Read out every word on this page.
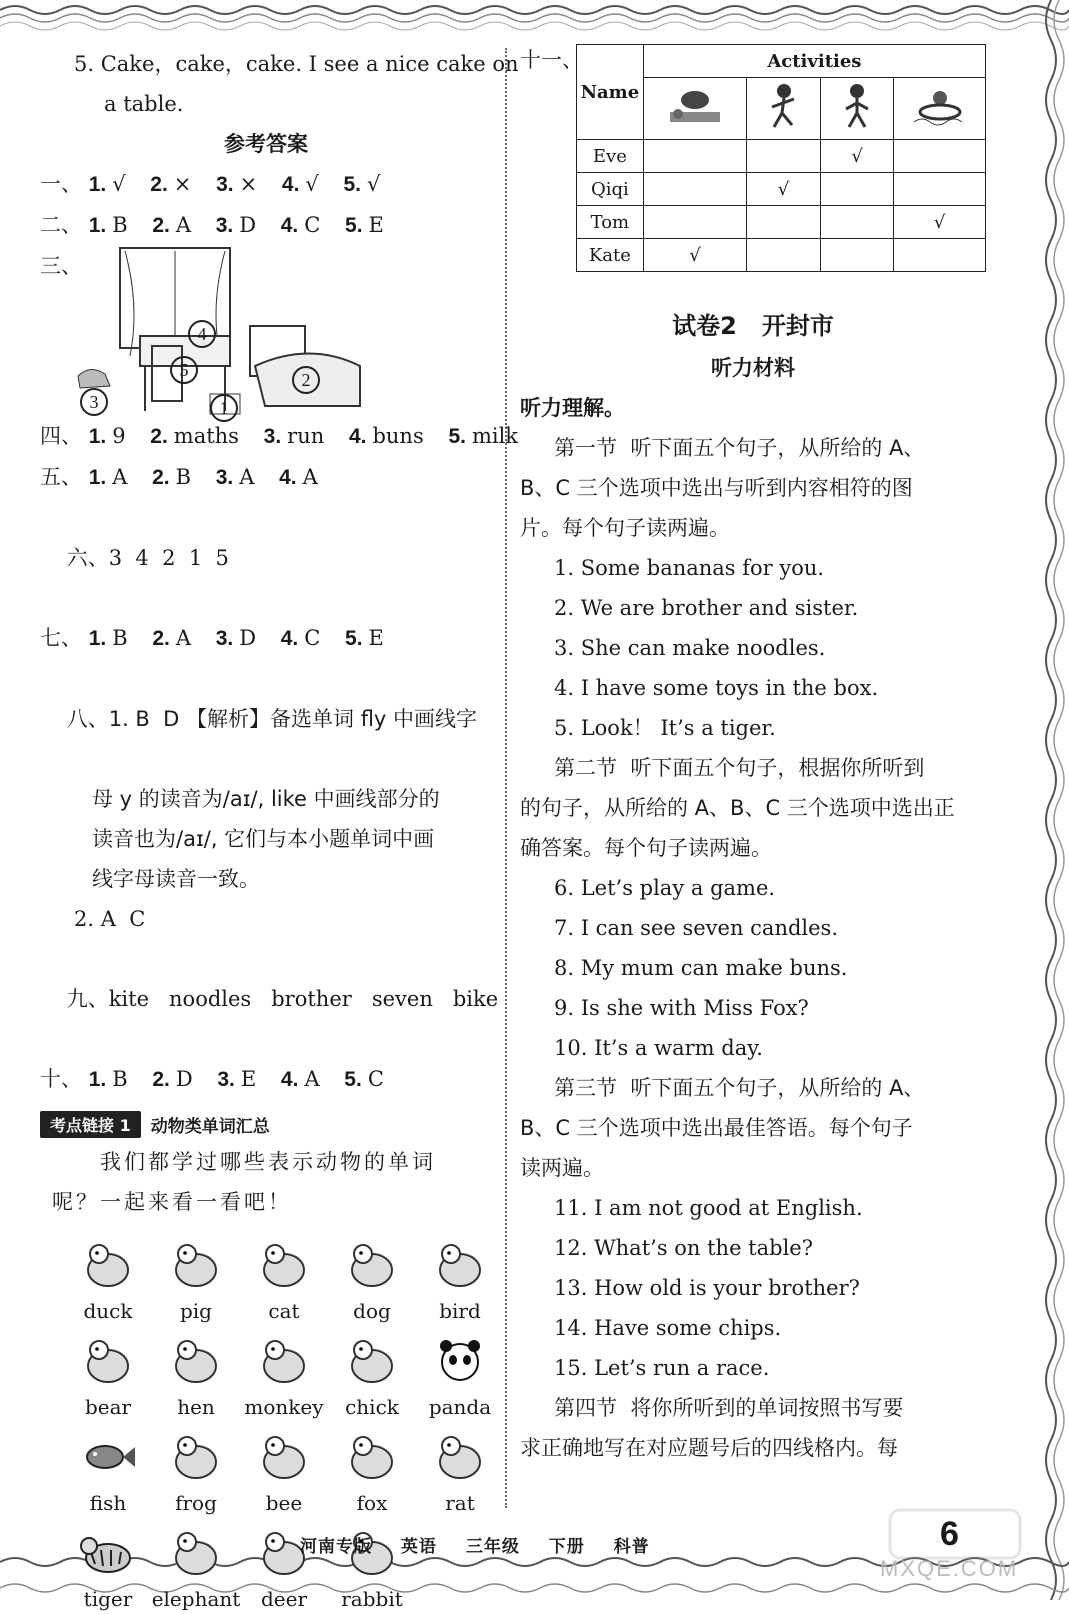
5. Cake，cake，cake. I see a nice cake on
a table.
参考答案
一、 1. √ 2. × 3. × 4. √ 5. √
二、 1. B 2. A 3. D 4. C 5. E
三、
4
5	2
1
3
四、 1. 9 2. maths 3. run 4. buns 5. milk
五、 1. A 2. B 3. A 4. A

六、3  4  2  1  5

七、 1. B 2. A 3. D 4. C 5. E

八、1. B  D 【解析】备选单词 fly 中画线字

母 y 的读音为/aɪ/, like 中画线部分的
读音也为/aɪ/, 它们与本小题单词中画
线字母读音一致。
2. A  C

九、kite   noodles   brother   seven   bike

十、 1. B 2. D 3. E 4. A 5. C
考点链接 1	动物类单词汇总
我们都学过哪些表示动物的单词
呢？一起来看一看吧！
duck pig	cat	dog bird
bear hen monkey chick panda
fish frog bee	fox	rat
tiger elephant deer rabbit
十一、
Name	Activities			

Eve			√	
Qiqi		√		
Tom				√
Kate	√			
试卷2   开封市
听力材料
听力理解。
第一节  听下面五个句子，从所给的 A、
B、C 三个选项中选出与听到内容相符的图
片。每个句子读两遍。
1. Some bananas for you.
2. We are brother and sister.
3. She can make noodles.
4. I have some toys in the box.
5. Look！ It’s a tiger.
第二节  听下面五个句子，根据你所听到
的句子，从所给的 A、B、C 三个选项中选出正
确答案。每个句子读两遍。
6. Let’s play a game.
7. I can see seven candles.
8. My mum can make buns.
9. Is she with Miss Fox?
10. It’s a warm day.
第三节  听下面五个句子，从所给的 A、
B、C 三个选项中选出最佳答语。每个句子
读两遍。
11. I am not good at English.
12. What’s on the table?
13. How old is your brother?
14. Have some chips.
15. Let’s run a race.
第四节  将你所听到的单词按照书写要
求正确地写在对应题号后的四线格内。每
河南专版 英语 三年级 下册 科普	6
MXQE.COM
